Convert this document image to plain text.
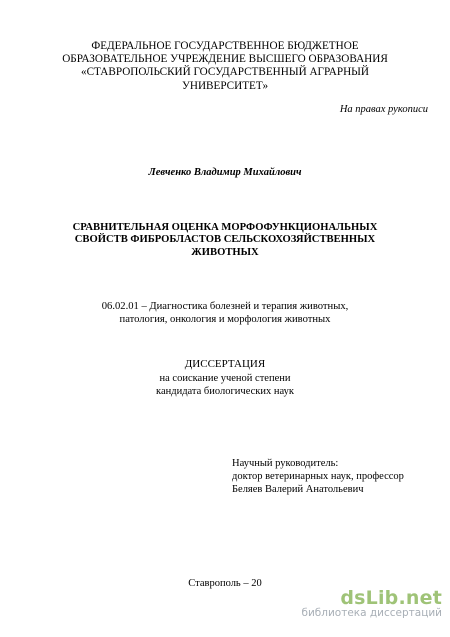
ФЕДЕРАЛЬНОЕ ГОСУДАРСТВЕННОЕ БЮДЖЕТНОЕ
ОБРАЗОВАТЕЛЬНОЕ УЧРЕЖДЕНИЕ ВЫСШЕГО ОБРАЗОВАНИЯ
«СТАВРОПОЛЬСКИЙ ГОСУДАРСТВЕННЫЙ АГРАРНЫЙ
УНИВЕРСИТЕТ»
На правах рукописи
Левченко Владимир Михайлович
СРАВНИТЕЛЬНАЯ ОЦЕНКА МОРФОФУНКЦИОНАЛЬНЫХ
СВОЙСТВ ФИБРОБЛАСТОВ СЕЛЬСКОХОЗЯЙСТВЕННЫХ
ЖИВОТНЫХ
06.02.01 – Диагностика болезней и терапия животных,
патология, онкология и морфология животных
ДИССЕРТАЦИЯ
на соискание ученой степени
кандидата биологических наук
Научный руководитель:
доктор ветеринарных наук, профессор
Беляев Валерий Анатольевич
Ставрополь – 20
dsLib.net
библиотека диссертаций
